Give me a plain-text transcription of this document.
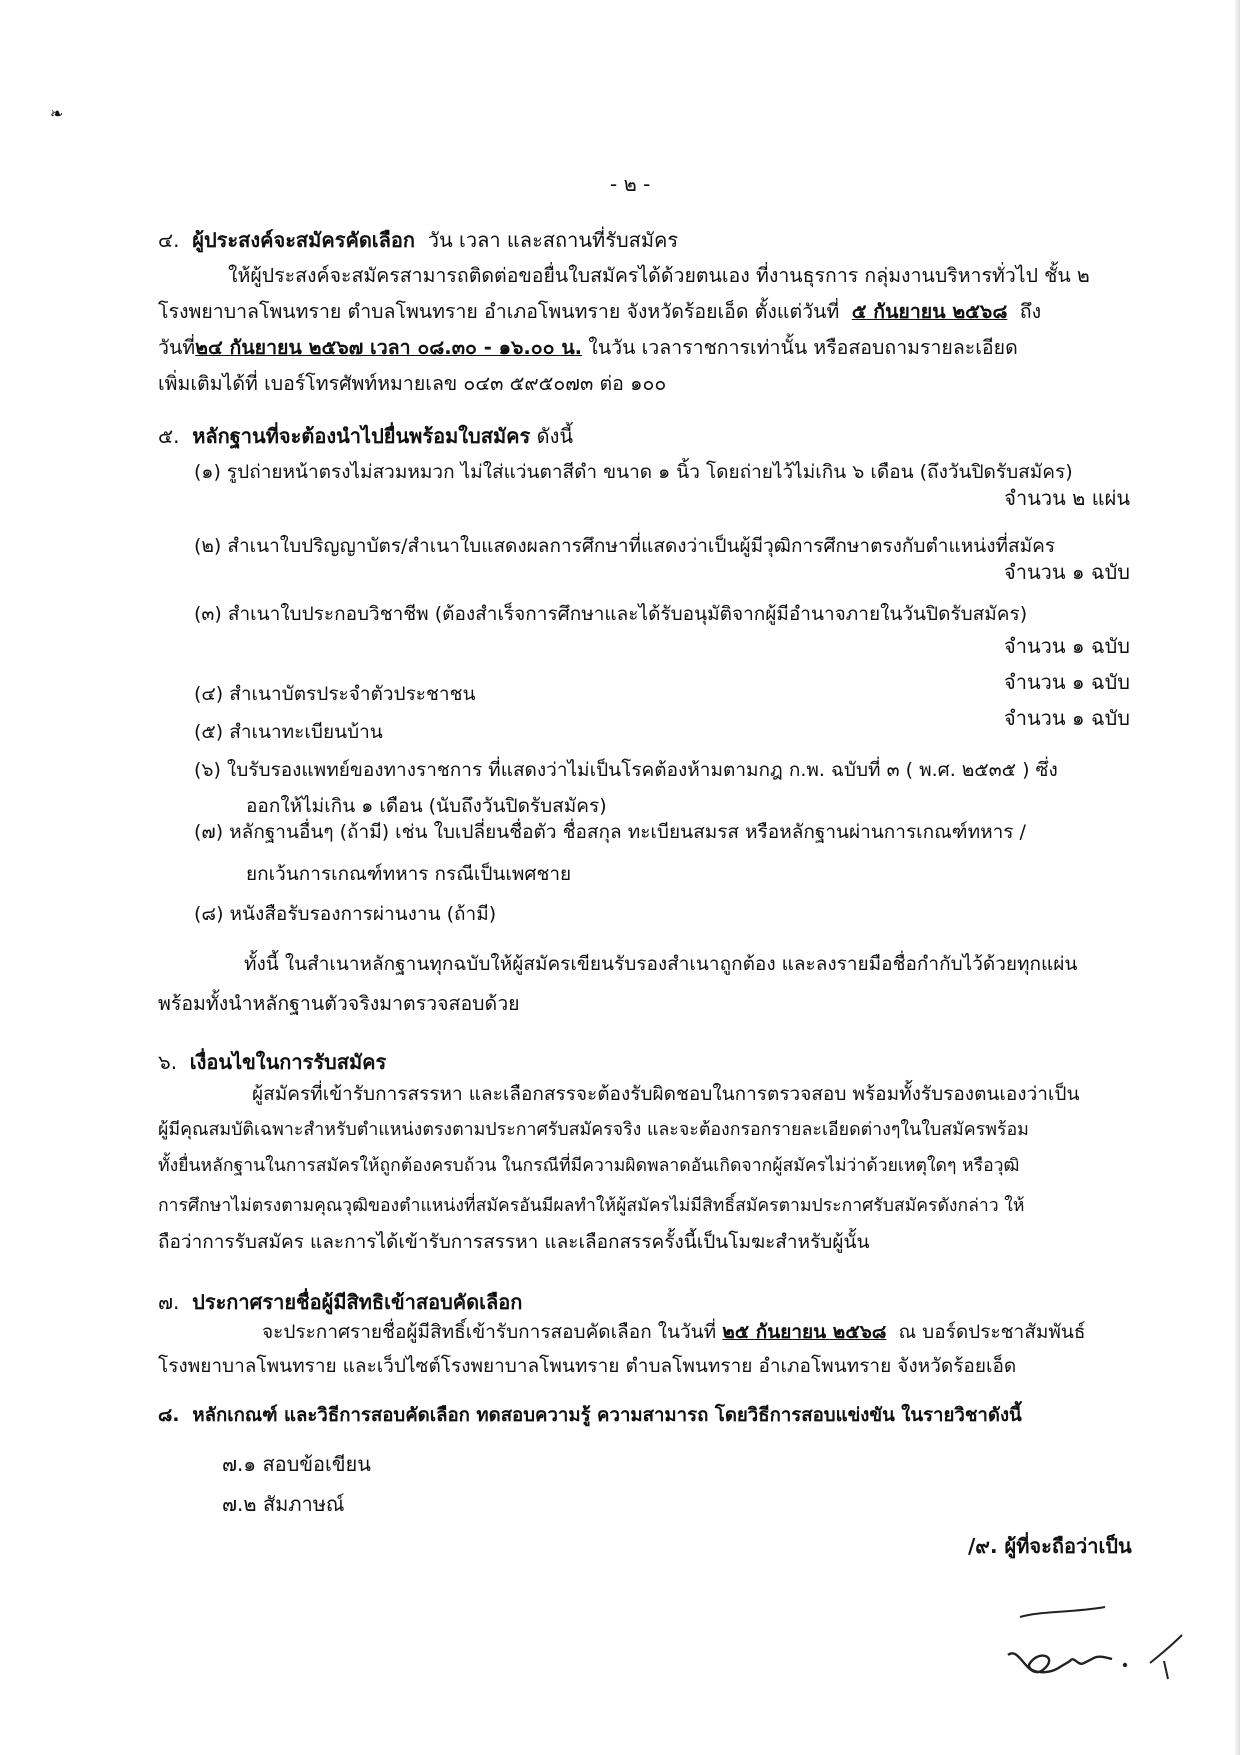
❧
- ๒ -
๔. ผู้ประสงค์จะสมัครคัดเลือก วัน เวลา และสถานที่รับสมัคร
ให้ผู้ประสงค์จะสมัครสามารถติดต่อขอยื่นใบสมัครได้ด้วยตนเอง ที่งานธุรการ กลุ่มงานบริหารทั่วไป ชั้น ๒
โรงพยาบาลโพนทราย ตำบลโพนทราย อำเภอโพนทราย จังหวัดร้อยเอ็ด ตั้งแต่วันที่ ๕ กันยายน ๒๕๖๘ ถึง
วันที่๒๔ กันยายน ๒๕๖๗ เวลา ๐๘.๓๐ - ๑๖.๐๐ น. ในวัน เวลาราชการเท่านั้น หรือสอบถามรายละเอียด
เพิ่มเติมได้ที่ เบอร์โทรศัพท์หมายเลข ๐๔๓ ๕๙๕๐๗๓ ต่อ ๑๐๐
๕. หลักฐานที่จะต้องนำไปยื่นพร้อมใบสมัคร ดังนี้
(๑) รูปถ่ายหน้าตรงไม่สวมหมวก ไม่ใส่แว่นตาสีดำ ขนาด ๑ นิ้ว โดยถ่ายไว้ไม่เกิน ๖ เดือน (ถึงวันปิดรับสมัคร)
จำนวน ๒ แผ่น
(๒) สำเนาใบปริญญาบัตร/สำเนาใบแสดงผลการศึกษาที่แสดงว่าเป็นผู้มีวุฒิการศึกษาตรงกับตำแหน่งที่สมัคร
จำนวน ๑ ฉบับ
(๓) สำเนาใบประกอบวิชาชีพ (ต้องสำเร็จการศึกษาและได้รับอนุมัติจากผู้มีอำนาจภายในวันปิดรับสมัคร)
จำนวน ๑ ฉบับ
จำนวน ๑ ฉบับ
(๔) สำเนาบัตรประจำตัวประชาชน
จำนวน ๑ ฉบับ
(๕) สำเนาทะเบียนบ้าน
(๖) ใบรับรองแพทย์ของทางราชการ ที่แสดงว่าไม่เป็นโรคต้องห้ามตามกฎ ก.พ. ฉบับที่ ๓ ( พ.ศ. ๒๕๓๕ ) ซึ่ง
ออกให้ไม่เกิน ๑ เดือน (นับถึงวันปิดรับสมัคร)
(๗) หลักฐานอื่นๆ (ถ้ามี) เช่น ใบเปลี่ยนชื่อตัว ชื่อสกุล ทะเบียนสมรส หรือหลักฐานผ่านการเกณฑ์ทหาร /
ยกเว้นการเกณฑ์ทหาร กรณีเป็นเพศชาย
(๘) หนังสือรับรองการผ่านงาน (ถ้ามี)
ทั้งนี้ ในสำเนาหลักฐานทุกฉบับให้ผู้สมัครเขียนรับรองสำเนาถูกต้อง และลงรายมือชื่อกำกับไว้ด้วยทุกแผ่น
พร้อมทั้งนำหลักฐานตัวจริงมาตรวจสอบด้วย
๖. เงื่อนไขในการรับสมัคร
ผู้สมัครที่เข้ารับการสรรหา และเลือกสรรจะต้องรับผิดชอบในการตรวจสอบ พร้อมทั้งรับรองตนเองว่าเป็น
ผู้มีคุณสมบัติเฉพาะสำหรับตำแหน่งตรงตามประกาศรับสมัครจริง และจะต้องกรอกรายละเอียดต่างๆในใบสมัครพร้อม
ทั้งยื่นหลักฐานในการสมัครให้ถูกต้องครบถ้วน ในกรณีที่มีความผิดพลาดอันเกิดจากผู้สมัครไม่ว่าด้วยเหตุใดๆ หรือวุฒิ
การศึกษาไม่ตรงตามคุณวุฒิของตำแหน่งที่สมัครอันมีผลทำให้ผู้สมัครไม่มีสิทธิ์สมัครตามประกาศรับสมัครดังกล่าว ให้
ถือว่าการรับสมัคร และการได้เข้ารับการสรรหา และเลือกสรรครั้งนี้เป็นโมฆะสำหรับผู้นั้น
๗. ประกาศรายชื่อผู้มีสิทธิเข้าสอบคัดเลือก
จะประกาศรายชื่อผู้มีสิทธิ์เข้ารับการสอบคัดเลือก ในวันที่ ๒๕ กันยายน ๒๕๖๘ ณ บอร์ดประชาสัมพันธ์
โรงพยาบาลโพนทราย และเว็ปไซต์โรงพยาบาลโพนทราย ตำบลโพนทราย อำเภอโพนทราย จังหวัดร้อยเอ็ด
๘. หลักเกณฑ์ และวิธีการสอบคัดเลือก ทดสอบความรู้ ความสามารถ โดยวิธีการสอบแข่งขัน ในรายวิชาดังนี้
๗.๑ สอบข้อเขียน
๗.๒ สัมภาษณ์
/๙. ผู้ที่จะถือว่าเป็น
